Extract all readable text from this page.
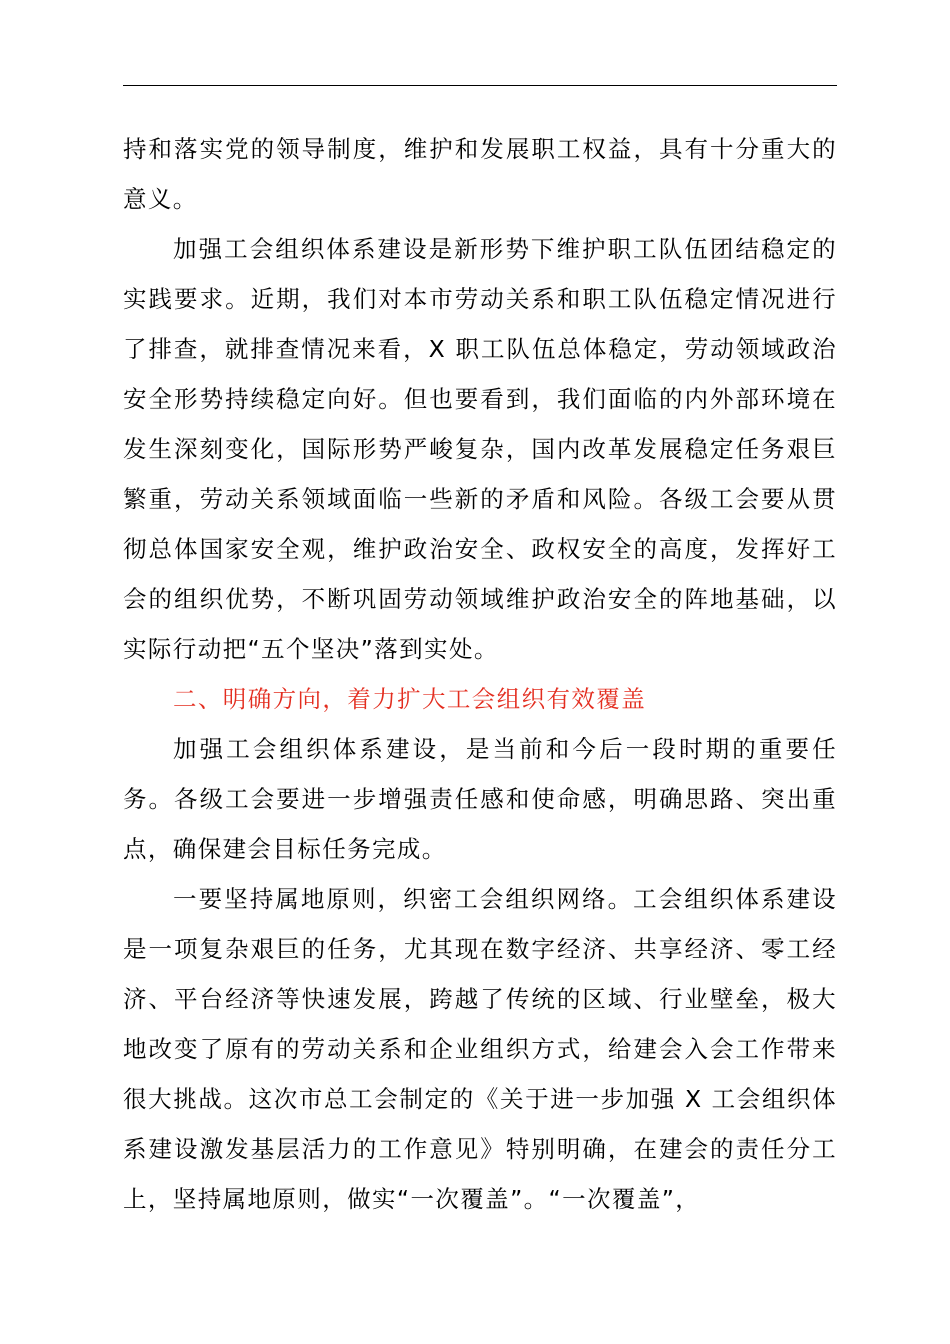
持和落实党的领导制度，维护和发展职工权益，具有十分重大的意义。

加强工会组织体系建设是新形势下维护职工队伍团结稳定的实践要求。近期，我们对本市劳动关系和职工队伍稳定情况进行了排查，就排查情况来看，X 职工队伍总体稳定，劳动领域政治安全形势持续稳定向好。但也要看到，我们面临的内外部环境在发生深刻变化，国际形势严峻复杂，国内改革发展稳定任务艰巨繁重，劳动关系领域面临一些新的矛盾和风险。各级工会要从贯彻总体国家安全观，维护政治安全、政权安全的高度，发挥好工会的组织优势，不断巩固劳动领域维护政治安全的阵地基础，以实际行动把“五个坚决”落到实处。

二、明确方向，着力扩大工会组织有效覆盖

加强工会组织体系建设，是当前和今后一段时期的重要任务。各级工会要进一步增强责任感和使命感，明确思路、突出重点，确保建会目标任务完成。

一要坚持属地原则，织密工会组织网络。工会组织体系建设是一项复杂艰巨的任务，尤其现在数字经济、共享经济、零工经济、平台经济等快速发展，跨越了传统的区域、行业壁垒，极大地改变了原有的劳动关系和企业组织方式，给建会入会工作带来很大挑战。这次市总工会制定的《关于进一步加强 X 工会组织体系建设激发基层活力的工作意见》特别明确，在建会的责任分工上，坚持属地原则，做实“一次覆盖”。“一次覆盖”，
